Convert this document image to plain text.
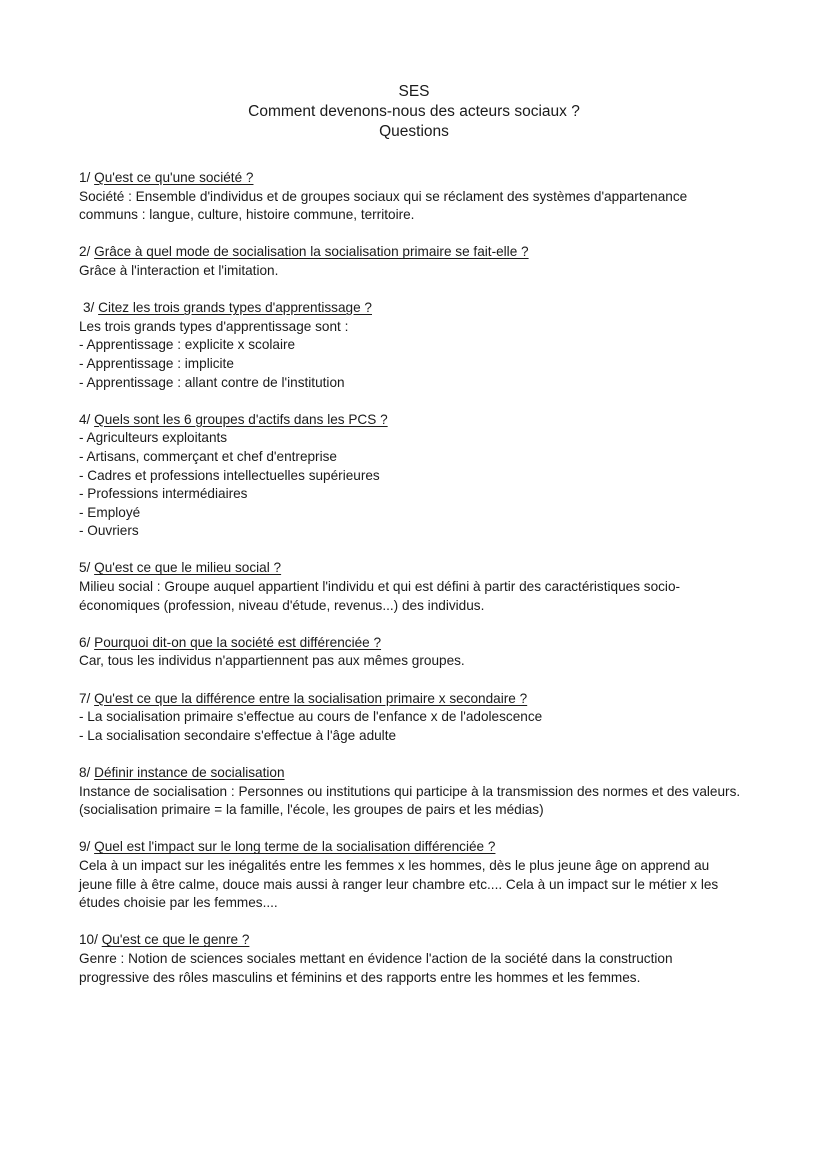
SES
Comment devenons-nous des acteurs sociaux ?
Questions
1/ Qu'est ce qu'une société ?
Société : Ensemble d'individus et de groupes sociaux qui se réclament des systèmes d'appartenance
communs : langue, culture, histoire commune, territoire.
2/ Grâce à quel mode de socialisation la socialisation primaire se fait-elle ?
Grâce à l'interaction et l'imitation.
3/ Citez les trois grands types d'apprentissage ?
Les trois grands types d'apprentissage sont :
- Apprentissage : explicite x scolaire
- Apprentissage : implicite
- Apprentissage : allant contre de l'institution
4/ Quels sont les 6 groupes d'actifs dans les PCS ?
- Agriculteurs exploitants
- Artisans, commerçant et chef d'entreprise
- Cadres et professions intellectuelles supérieures
- Professions intermédiaires
- Employé
- Ouvriers
5/ Qu'est ce que le milieu social ?
Milieu social : Groupe auquel appartient l'individu et qui est défini à partir des caractéristiques socio-
économiques (profession, niveau d'étude, revenus...) des individus.
6/ Pourquoi dit-on que la société est différenciée ?
Car, tous les individus n'appartiennent pas aux mêmes groupes.
7/ Qu'est ce que la différence entre la socialisation primaire x secondaire ?
- La socialisation primaire s'effectue au cours de l'enfance x de l'adolescence
- La socialisation secondaire s'effectue à l'âge adulte
8/ Définir instance de socialisation
Instance de socialisation : Personnes ou institutions qui participe à la transmission des normes et des valeurs.
(socialisation primaire = la famille, l'école, les groupes de pairs et les médias)
9/ Quel est l'impact sur le long terme de la socialisation différenciée ?
Cela à un impact sur les inégalités entre les femmes x les hommes, dès le plus jeune âge on apprend au
jeune fille à être calme, douce mais aussi à ranger leur chambre etc.... Cela à un impact sur le métier x les
études choisie par les femmes....
10/ Qu'est ce que le genre ?
Genre : Notion de sciences sociales mettant en évidence l'action de la société dans la construction
progressive des rôles masculins et féminins et des rapports entre les hommes et les femmes.
